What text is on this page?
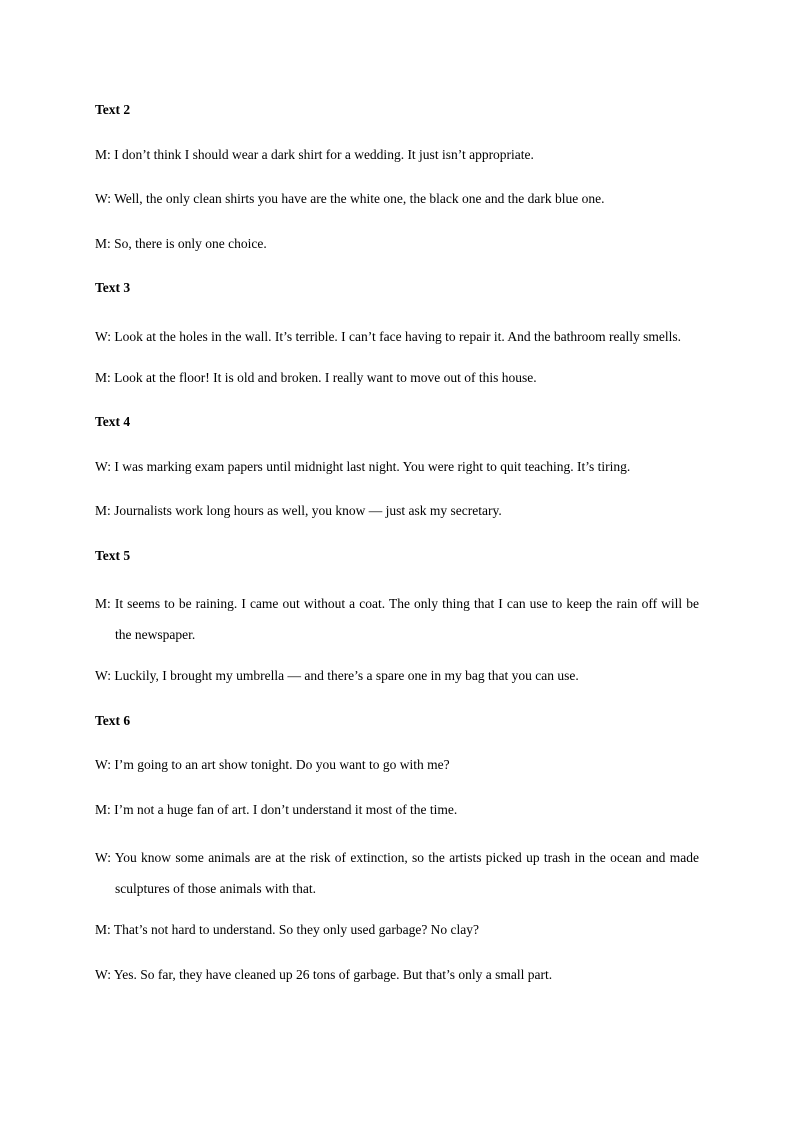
Text 2

M: I don’t think I should wear a dark shirt for a wedding. It just isn’t appropriate.

W: Well, the only clean shirts you have are the white one, the black one and the dark blue one.

M: So, there is only one choice.

Text 3

W: Look at the holes in the wall. It’s terrible. I can’t face having to repair it. And the bathroom really smells.

M: Look at the floor! It is old and broken. I really want to move out of this house.

Text 4

W: I was marking exam papers until midnight last night. You were right to quit teaching. It’s tiring.

M: Journalists work long hours as well, you know — just ask my secretary.

Text 5

M: It seems to be raining. I came out without a coat. The only thing that I can use to keep the rain off will be the newspaper.

W: Luckily, I brought my umbrella — and there’s a spare one in my bag that you can use.

Text 6

W: I’m going to an art show tonight. Do you want to go with me?

M: I’m not a huge fan of art. I don’t understand it most of the time.

W: You know some animals are at the risk of extinction, so the artists picked up trash in the ocean and made sculptures of those animals with that.

M: That’s not hard to understand. So they only used garbage? No clay?

W: Yes. So far, they have cleaned up 26 tons of garbage. But that’s only a small part.
